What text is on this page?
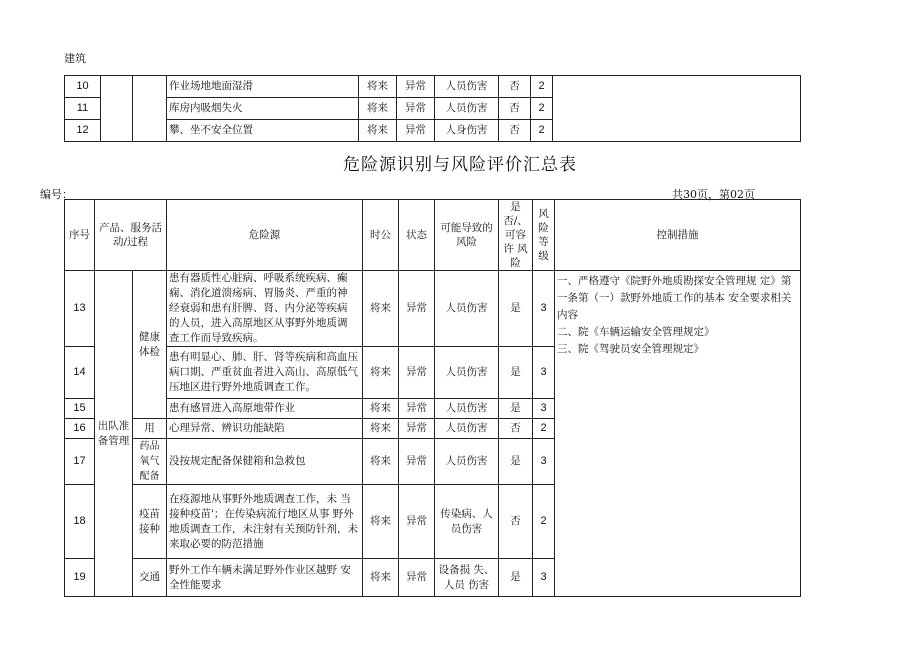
建筑
10			作业场地地面湿滑	将来	异常	人员伤害	否	2	
11			库房内吸烟失火	将来	异常	人员伤害	否	2	
12			攀、坐不安全位置	将来	异常	人身伤害	否	2	
危险源识别与风险评价汇总表
编号：	共30页，第02页
序号	产品、服务活动/过程		危险源	时公	状态	可能导致的风险	是否/、可容许 风险	风险等级	控制措施
13	出队准备管理	健康体检	患有器质性心脏病、呼吸系统疾病、癫痫、消化道溃疡病、胃肠炎、严重的神 经衰弱和患有肝脾、肾、内分泌等疾病 的人员，进入高原地区从事野外地质调 查工作而导致疾病。	将来	异常	人员伤害	是	3	一、严格遵守《院野外地质勘探安全管理规 定》第一条第（一）款野外地质工作的基本 安全要求相关内容
二、院《车辆运输安全管理规定》
三、院《驾驶员安全管理规定》

14			患有明显心、肺、肝、肾等疾病和高血压病口期、严重贫血者进入高山、高原低气压地区进行野外地质调查工作。	将来	异常	人员伤害	是	3	
15			患有感冒进入高原地带作业	将来	异常	人员伤害	是	3	
16		用	心理异常、辨识功能缺陷	将来	异常	人员伤害	否	2	
17		药品氧气配备	没按规定配备保健箱和急救包	将来	异常	人员伤害	是	3	
18		疫苗接种	在疫源地从事野外地质调查工作，未 当接种疫苗'；在传染病流行地区从事 野外地质调查工作，未注射有关预防针剂，未来取必要的防范措施	将来	异常	传染病、人员伤害	否	2	
19		交通	野外工作车辆未满足野外作业区越野 安全性能要求	将来	异常	设备损 失、人员 伤害	是	3	
